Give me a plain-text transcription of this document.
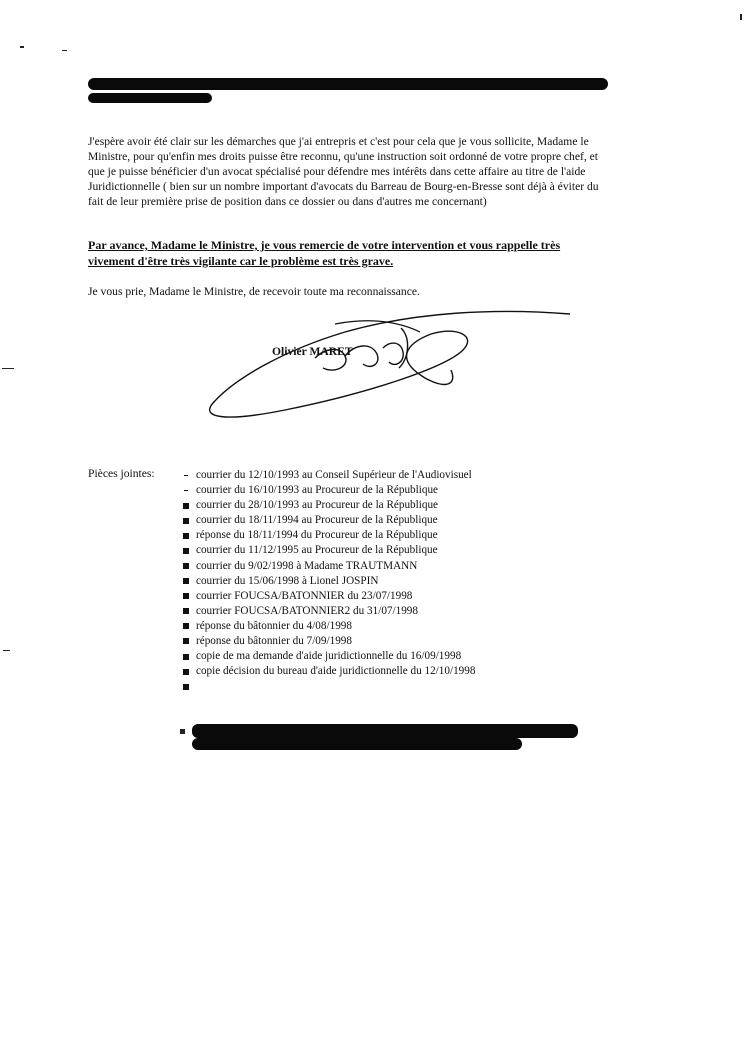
J'espère avoir été clair sur les démarches que j'ai entrepris et c'est pour cela que je vous sollicite, Madame le Ministre, pour qu'enfin mes droits puisse être reconnu, qu'une instruction soit ordonné de votre propre chef, et que je puisse bénéficier d'un avocat spécialisé pour défendre mes intérêts dans cette affaire au titre de l'aide Juridictionnelle ( bien sur un nombre important d'avocats du Barreau de Bourg-en-Bresse sont déjà à éviter du fait de leur première prise de position dans ce dossier ou dans d'autres me concernant)

Par avance, Madame le Ministre, je vous remercie de votre intervention et vous rappelle très vivement d'être très vigilante car le problème est très grave.

Je vous prie, Madame le Ministre, de recevoir toute ma reconnaissance.

Olivier MARET
Pièces jointes:	courrier du 12/10/1993 au Conseil Supérieur de l'Audiovisuel
courrier du 16/10/1993 au Procureur de la République
courrier du 28/10/1993 au Procureur de la République
courrier du 18/11/1994 au Procureur de la République
réponse du 18/11/1994 du Procureur de la République
courrier du 11/12/1995 au Procureur de la République
courrier du 9/02/1998 à Madame TRAUTMANN
courrier du 15/06/1998 à Lionel JOSPIN
courrier FOUCSA/BATONNIER du 23/07/1998
courrier FOUCSA/BATONNIER2 du 31/07/1998
réponse du bâtonnier du 4/08/1998
réponse du bâtonnier du 7/09/1998
copie de ma demande d'aide juridictionnelle du 16/09/1998
copie décision du bureau d'aide juridictionnelle du 12/10/1998
